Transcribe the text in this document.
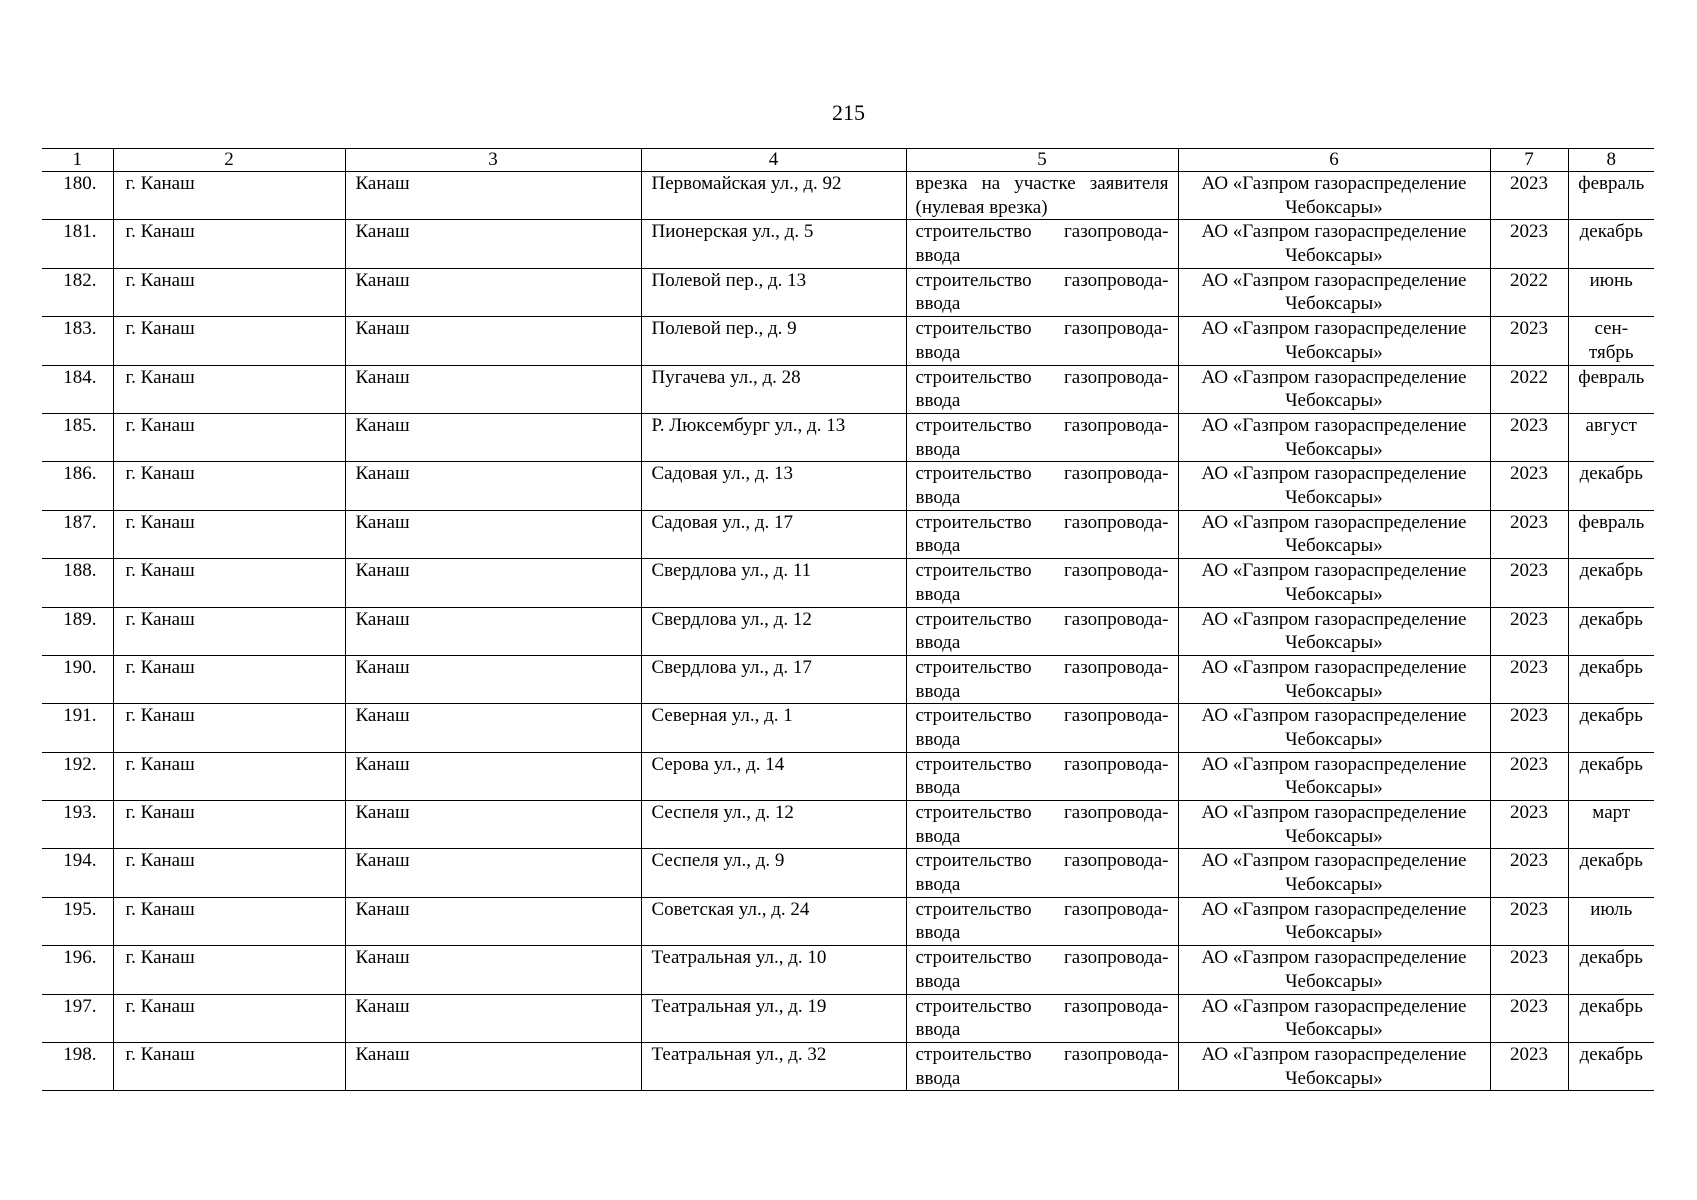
215
1	2	3	4	5	6	7	8
180.	г. Канаш	Канаш	Первомайская ул., д. 92	врезка на участке заявителя (нулевая врезка)	АО «Газпром газораспределение Чебоксары»	2023	февраль
181.	г. Канаш	Канаш	Пионерская ул., д. 5	строительство газопровода-ввода	АО «Газпром газораспределение Чебоксары»	2023	декабрь
182.	г. Канаш	Канаш	Полевой пер., д. 13	строительство газопровода-ввода	АО «Газпром газораспределение Чебоксары»	2022	июнь
183.	г. Канаш	Канаш	Полевой пер., д. 9	строительство газопровода-ввода	АО «Газпром газораспределение Чебоксары»	2023	сен-тябрь
184.	г. Канаш	Канаш	Пугачева ул., д. 28	строительство газопровода-ввода	АО «Газпром газораспределение Чебоксары»	2022	февраль
185.	г. Канаш	Канаш	Р. Люксембург ул., д. 13	строительство газопровода-ввода	АО «Газпром газораспределение Чебоксары»	2023	август
186.	г. Канаш	Канаш	Садовая ул., д. 13	строительство газопровода-ввода	АО «Газпром газораспределение Чебоксары»	2023	декабрь
187.	г. Канаш	Канаш	Садовая ул., д. 17	строительство газопровода-ввода	АО «Газпром газораспределение Чебоксары»	2023	февраль
188.	г. Канаш	Канаш	Свердлова ул., д. 11	строительство газопровода-ввода	АО «Газпром газораспределение Чебоксары»	2023	декабрь
189.	г. Канаш	Канаш	Свердлова ул., д. 12	строительство газопровода-ввода	АО «Газпром газораспределение Чебоксары»	2023	декабрь
190.	г. Канаш	Канаш	Свердлова ул., д. 17	строительство газопровода-ввода	АО «Газпром газораспределение Чебоксары»	2023	декабрь
191.	г. Канаш	Канаш	Северная ул., д. 1	строительство газопровода-ввода	АО «Газпром газораспределение Чебоксары»	2023	декабрь
192.	г. Канаш	Канаш	Серова ул., д. 14	строительство газопровода-ввода	АО «Газпром газораспределение Чебоксары»	2023	декабрь
193.	г. Канаш	Канаш	Сеспеля ул., д. 12	строительство газопровода-ввода	АО «Газпром газораспределение Чебоксары»	2023	март
194.	г. Канаш	Канаш	Сеспеля ул., д. 9	строительство газопровода-ввода	АО «Газпром газораспределение Чебоксары»	2023	декабрь
195.	г. Канаш	Канаш	Советская ул., д. 24	строительство газопровода-ввода	АО «Газпром газораспределение Чебоксары»	2023	июль
196.	г. Канаш	Канаш	Театральная ул., д. 10	строительство газопровода-ввода	АО «Газпром газораспределение Чебоксары»	2023	декабрь
197.	г. Канаш	Канаш	Театральная ул., д. 19	строительство газопровода-ввода	АО «Газпром газораспределение Чебоксары»	2023	декабрь
198.	г. Канаш	Канаш	Театральная ул., д. 32	строительство газопровода-ввода	АО «Газпром газораспределение Чебоксары»	2023	декабрь
